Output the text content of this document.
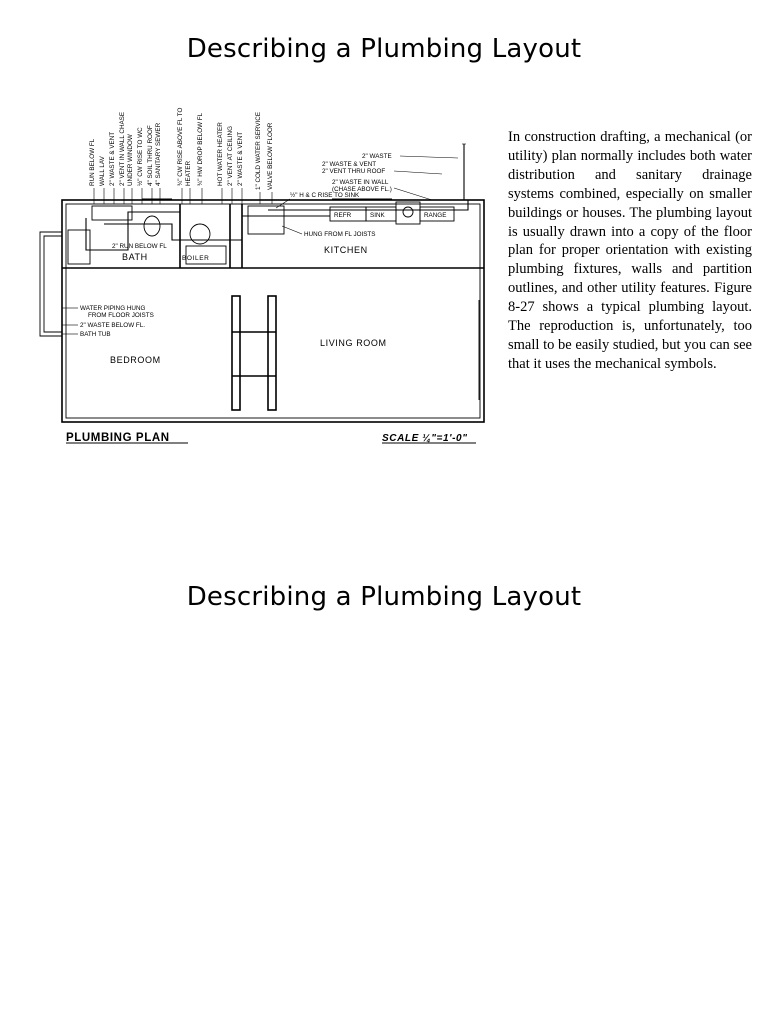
Describing a Plumbing Layout
RUN BELOW FL WALL LAV 2" WASTE & VENT 2" VENT IN WALL CHASE UNDER WINDOW ½" CW RISE TO WC 4" SOIL THRU ROOF 4" SANITARY SEWER ¾" CW RISE ABOVE FL TO HEATER ¾" HW DROP BELOW FL HOT WATER HEATER 2" VENT AT CEILING 2" WASTE & VENT 1" COLD WATER SERVICE VALVE BELOW FLOOR	2" WASTE
2" WASTE & VENT
2" VENT THRU ROOF
2" WASTE IN WALL
(CHASE ABOVE FL.)
½" H & C RISE TO SINK
WATER PIPING HUNG
FROM FLOOR JOISTS
2" WASTE BELOW FL.
BATH TUB
2" RUN BELOW FL
HUNG FROM FL JOISTS
BATH	BOILER
KITCHEN
LIVING ROOM
BEDROOM
REFR	SINK	RANGE
PLUMBING PLAN	SCALE ¼"=1'-0"

In construction drafting, a mechanical (or utility) plan normally includes both water distribution and sanitary drainage systems combined, especially on smaller buildings or houses. The plumbing layout is usually drawn into a copy of the floor plan for proper orientation with existing plumbing fixtures, walls and partition outlines, and other utility features. Figure 8-27 shows a typical plumbing layout. The reproduction is, unfortunately, too small to be easily studied, but you can see that it uses the mechanical symbols.

Describing a Plumbing Layout
